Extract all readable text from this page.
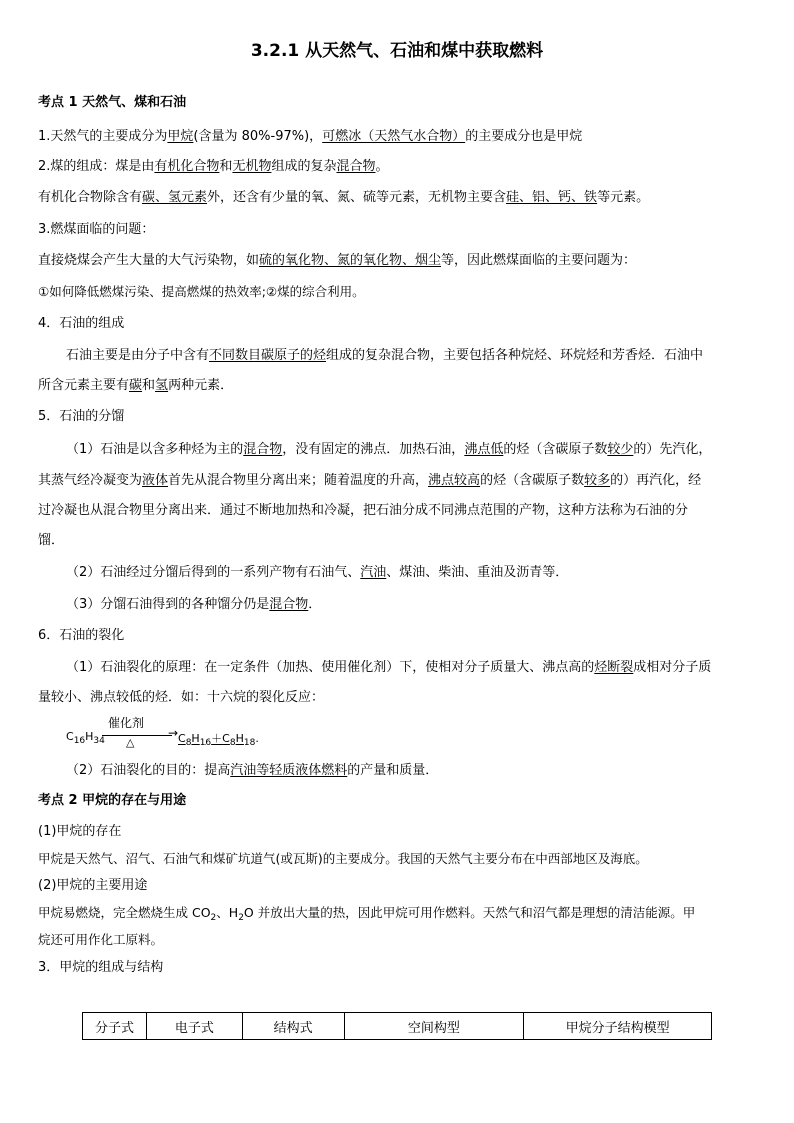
3.2.1 从天然气、石油和煤中获取燃料
考点 1 天然气、煤和石油
1.天然气的主要成分为甲烷(含量为 80%-97%)，可燃冰（天然气水合物）的主要成分也是甲烷
2.煤的组成：煤是由有机化合物和无机物组成的复杂混合物。
有机化合物除含有碳、氢元素外，还含有少量的氧、氮、硫等元素，无机物主要含硅、铝、钙、铁等元素。
3.燃煤面临的问题：
直接烧煤会产生大量的大气污染物，如硫的氧化物、氮的氧化物、烟尘等，因此燃煤面临的主要问题为：
①如何降低燃煤污染、提高燃煤的热效率;②煤的综合利用。
4．石油的组成
石油主要是由分子中含有不同数目碳原子的烃组成的复杂混合物，主要包括各种烷烃、环烷烃和芳香烃．石油中
所含元素主要有碳和氢两种元素．
5．石油的分馏
（1）石油是以含多种烃为主的混合物，没有固定的沸点．加热石油，沸点低的烃（含碳原子数较少的）先汽化，
其蒸气经冷凝变为液体首先从混合物里分离出来；随着温度的升高，沸点较高的烃（含碳原子数较多的）再汽化，经
过冷凝也从混合物里分离出来．通过不断地加热和冷凝，把石油分成不同沸点范围的产物，这种方法称为石油的分
馏．
（2）石油经过分馏后得到的一系列产物有石油气、汽油、煤油、柴油、重油及沥青等．
（3）分馏石油得到的各种馏分仍是混合物．
6．石油的裂化
（1）石油裂化的原理：在一定条件（加热、使用催化剂）下，使相对分子质量大、沸点高的烃断裂成相对分子质
量较小、沸点较低的烃．如：十六烷的裂化反应：
$C_{16}H_{34}$
催化剂
△
→ $C_8H_{16}+C_8H_{18}$.
（2）石油裂化的目的：提高汽油等轻质液体燃料的产量和质量．
考点 2 甲烷的存在与用途
(1)甲烷的存在
甲烷是天然气、沼气、石油气和煤矿坑道气(或瓦斯)的主要成分。我国的天然气主要分布在中西部地区及海底。
(2)甲烷的主要用途
甲烷易燃烧，完全燃烧生成 $CO_2$、$H_2O$ 并放出大量的热，因此甲烷可用作燃料。天然气和沼气都是理想的清洁能源。甲
烷还可用作化工原料。
3．甲烷的组成与结构
分子式	电子式	结构式	空间构型	甲烷分子结构模型
